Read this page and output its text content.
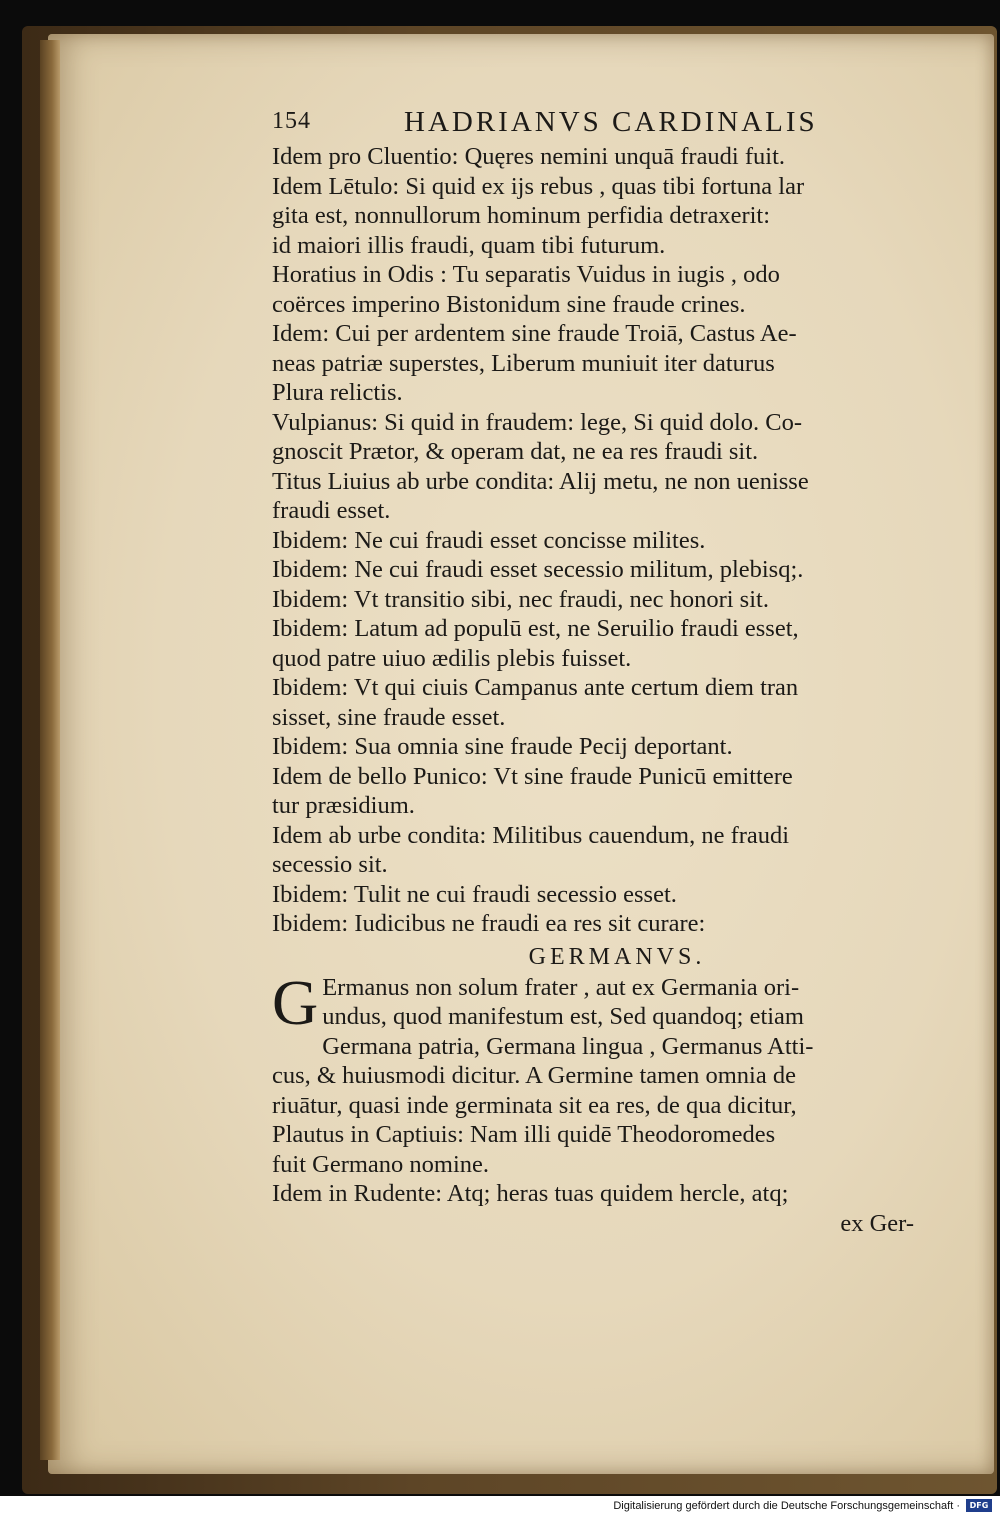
154	HADRIANVS CARDINALIS
Idem pro Cluentio: Quęres nemini unquā fraudi fuit.
Idem Lētulo: Si quid ex ijs rebus , quas tibi fortuna lar
gita est, nonnullorum hominum perfidia detraxerit:
id maiori illis fraudi, quam tibi futurum.
Horatius in Odis : Tu separatis Vuidus in iugis , odo
coërces imperino Bistonidum sine fraude crines.
Idem: Cui per ardentem sine fraude Troiā, Castus Ae-
neas patriæ superstes, Liberum muniuit iter daturus
Plura relictis.
Vulpianus: Si quid in fraudem: lege, Si quid dolo. Co-
gnoscit Prætor, & operam dat, ne ea res fraudi sit.
Titus Liuius ab urbe condita: Alij metu, ne non uenisse
fraudi esset.
Ibidem: Ne cui fraudi esset concisse milites.
Ibidem: Ne cui fraudi esset secessio militum, plebisq;.
Ibidem: Vt transitio sibi, nec fraudi, nec honori sit.
Ibidem: Latum ad populū est, ne Seruilio fraudi esset,
quod patre uiuo ædilis plebis fuisset.
Ibidem: Vt qui ciuis Campanus ante certum diem tran
sisset, sine fraude esset.
Ibidem: Sua omnia sine fraude Pecij deportant.
Idem de bello Punico: Vt sine fraude Punicū emittere
tur præsidium.
Idem ab urbe condita: Militibus cauendum, ne fraudi
secessio sit.
Ibidem: Tulit ne cui fraudi secessio esset.
Ibidem: Iudicibus ne fraudi ea res sit curare:
GERMANVS.
G Ermanus non solum frater , aut ex Germania ori-
undus, quod manifestum est, Sed quandoq; etiam
Germana patria, Germana lingua , Germanus Atti-
cus, & huiusmodi dicitur. A Germine tamen omnia de
riuātur, quasi inde germinata sit ea res, de qua dicitur,
Plautus in Captiuis: Nam illi quidē Theodoromedes
fuit Germano nomine.
Idem in Rudente: Atq; heras tuas quidem hercle, atq;
ex Ger-
Digitalisierung gefördert durch die Deutsche Forschungsgemeinschaft ·	DFG
